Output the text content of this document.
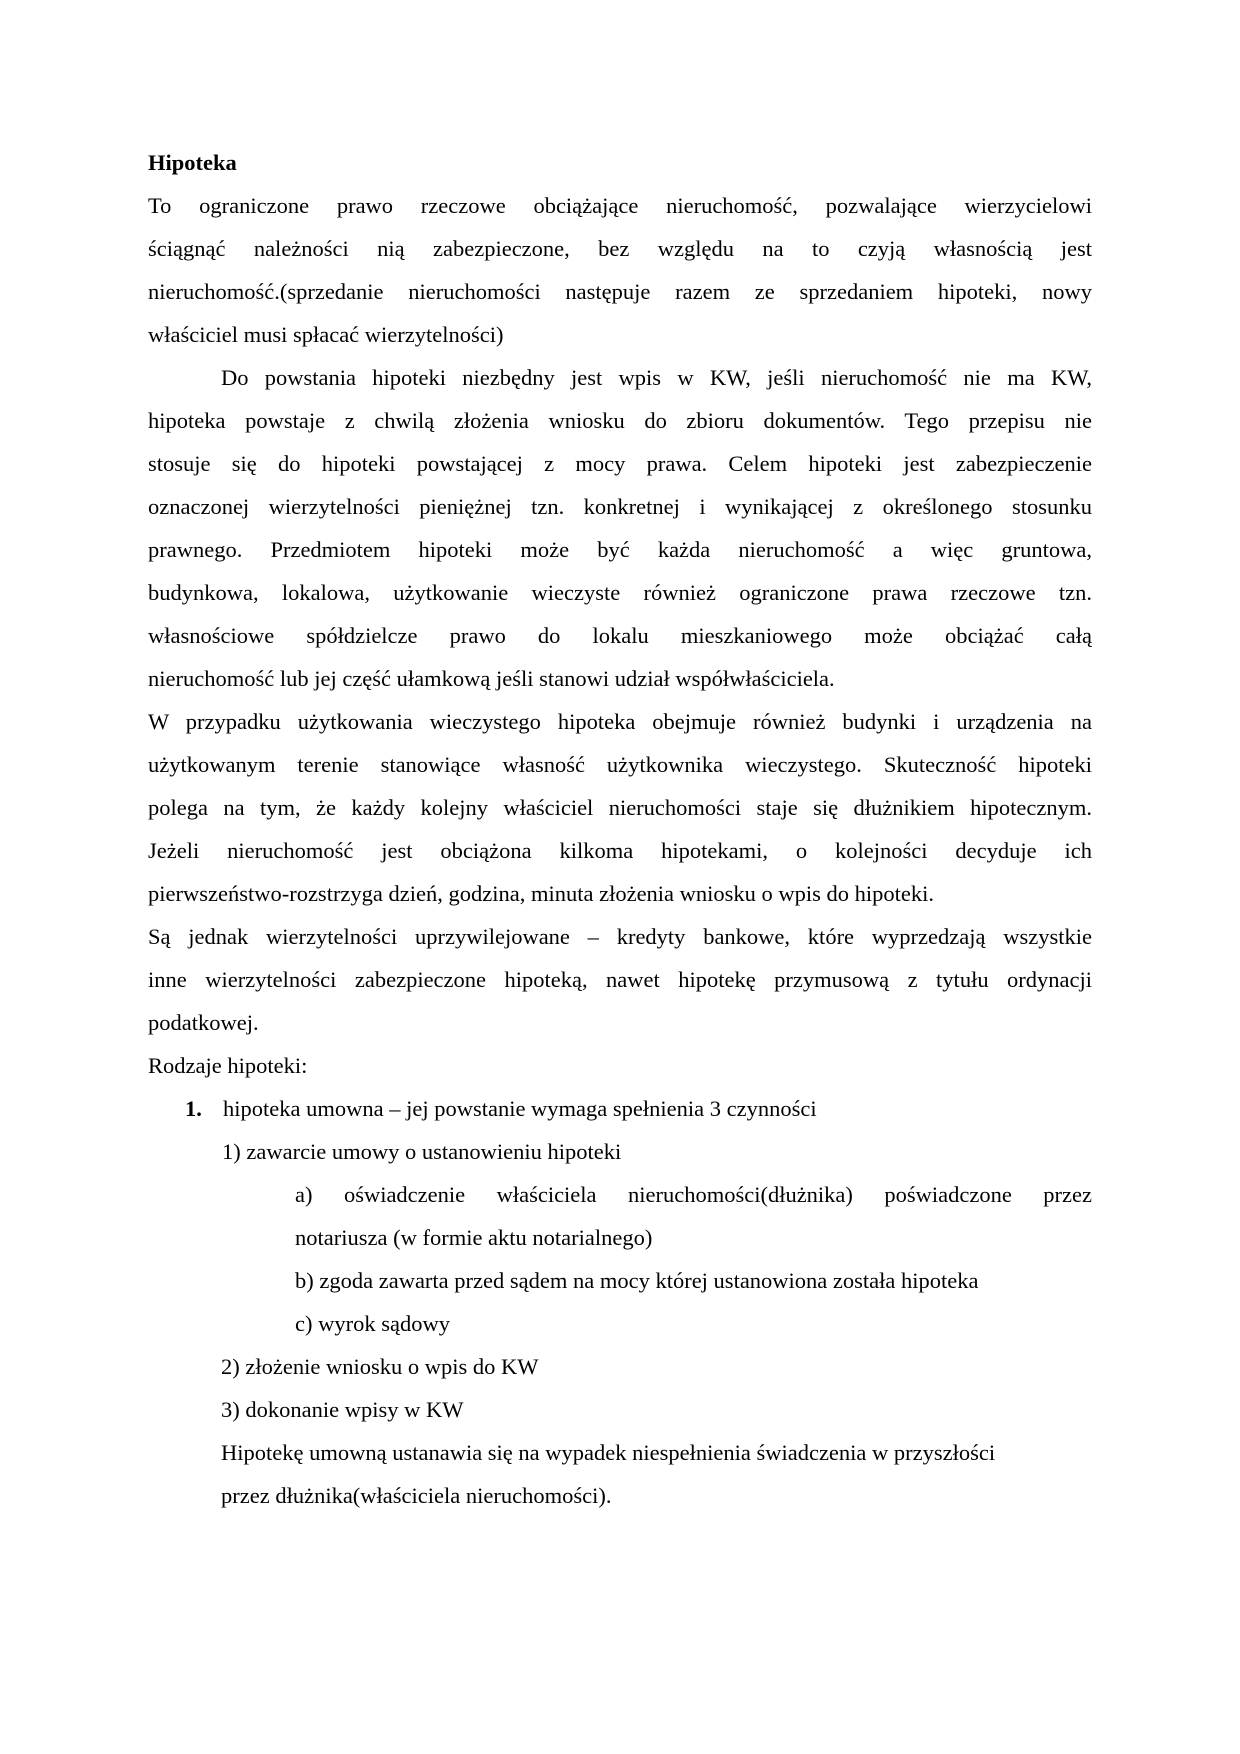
Hipoteka
To ograniczone prawo rzeczowe obciążające nieruchomość, pozwalające wierzycielowi
ściągnąć należności nią zabezpieczone, bez względu na to czyją własnością jest
nieruchomość.(sprzedanie nieruchomości następuje razem ze sprzedaniem hipoteki, nowy
właściciel musi spłacać wierzytelności)
Do powstania hipoteki niezbędny jest wpis w KW, jeśli nieruchomość nie ma KW,
hipoteka powstaje z chwilą złożenia wniosku do zbioru dokumentów. Tego przepisu nie
stosuje się do hipoteki powstającej z mocy prawa. Celem hipoteki jest zabezpieczenie
oznaczonej wierzytelności pieniężnej tzn. konkretnej i wynikającej z określonego stosunku
prawnego. Przedmiotem hipoteki może być każda nieruchomość a więc gruntowa,
budynkowa, lokalowa, użytkowanie wieczyste również ograniczone prawa rzeczowe tzn.
własnościowe spółdzielcze prawo do lokalu mieszkaniowego może obciążać całą
nieruchomość lub jej część ułamkową jeśli stanowi udział współwłaściciela.
W przypadku użytkowania wieczystego hipoteka obejmuje również budynki i urządzenia na
użytkowanym terenie stanowiące własność użytkownika wieczystego. Skuteczność hipoteki
polega na tym, że każdy kolejny właściciel nieruchomości staje się dłużnikiem hipotecznym.
Jeżeli nieruchomość jest obciążona kilkoma hipotekami, o kolejności decyduje ich
pierwszeństwo-rozstrzyga dzień, godzina, minuta złożenia wniosku o wpis do hipoteki.
Są jednak wierzytelności uprzywilejowane – kredyty bankowe, które wyprzedzają wszystkie
inne wierzytelności zabezpieczone hipoteką, nawet hipotekę przymusową z tytułu ordynacji
podatkowej.
Rodzaje hipoteki:
1. hipoteka umowna – jej powstanie wymaga spełnienia 3 czynności
1) zawarcie umowy o ustanowieniu hipoteki
a) oświadczenie właściciela nieruchomości(dłużnika) poświadczone przez
notariusza (w formie aktu notarialnego)
b) zgoda zawarta przed sądem na mocy której ustanowiona została hipoteka
c) wyrok sądowy
2) złożenie wniosku o wpis do KW
3) dokonanie wpisy w KW
Hipotekę umowną ustanawia się na wypadek niespełnienia świadczenia w przyszłości
przez dłużnika(właściciela nieruchomości).
